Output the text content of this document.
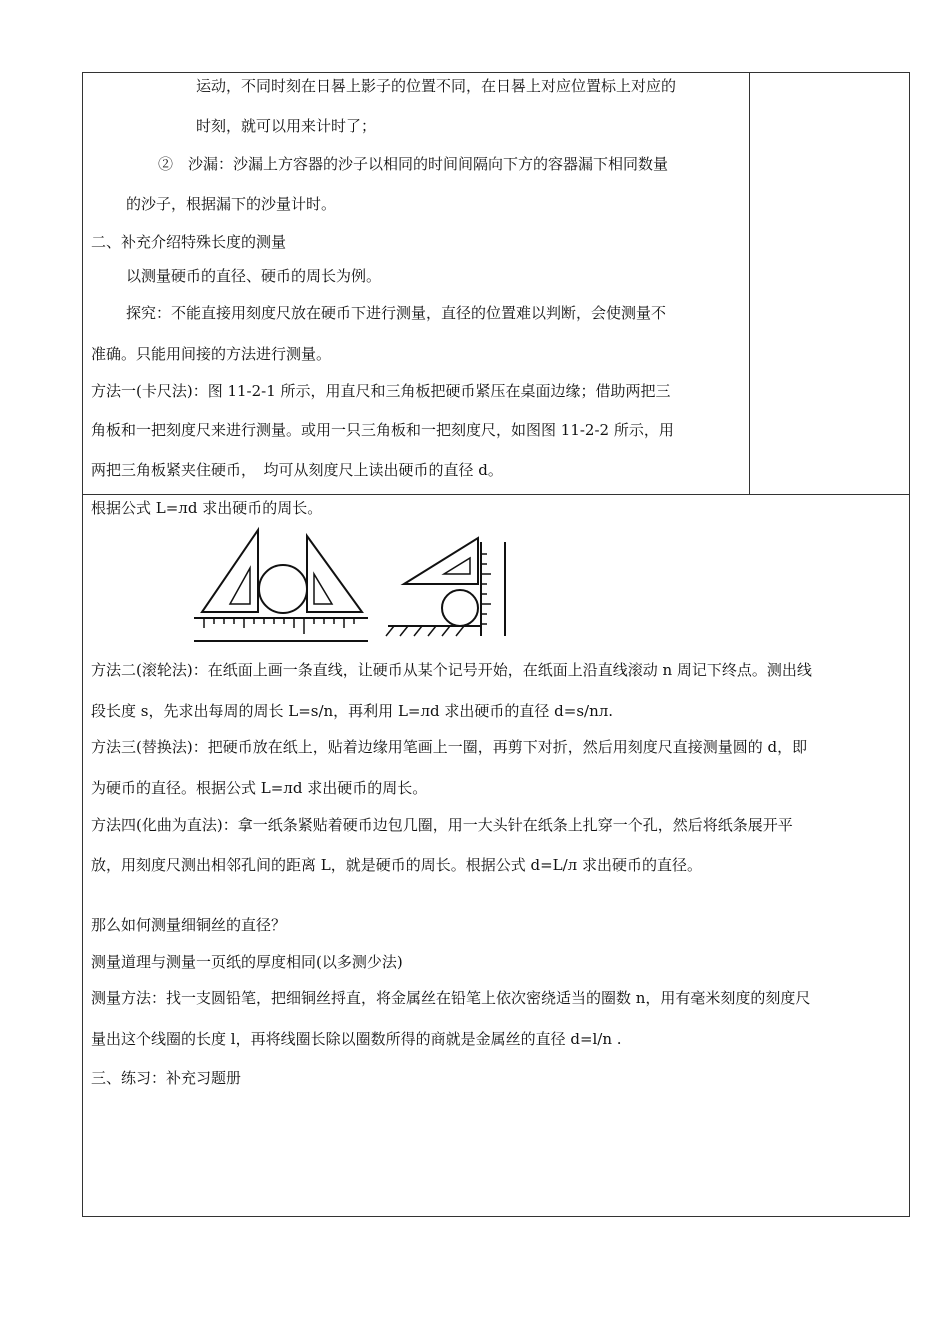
运动，不同时刻在日晷上影子的位置不同，在日晷上对应位置标上对应的
时刻，就可以用来计时了；
②　沙漏：沙漏上方容器的沙子以相同的时间间隔向下方的容器漏下相同数量
的沙子，根据漏下的沙量计时。
二、补充介绍特殊长度的测量
以测量硬币的直径、硬币的周长为例。
探究：不能直接用刻度尺放在硬币下进行测量，直径的位置难以判断，会使测量不
准确。只能用间接的方法进行测量。
方法一(卡尺法)：图 11-2-1 所示，用直尺和三角板把硬币紧压在桌面边缘；借助两把三
角板和一把刻度尺来进行测量。或用一只三角板和一把刻度尺，如图图 11-2-2 所示，用
两把三角板紧夹住硬币，　均可从刻度尺上读出硬币的直径 d。
根据公式 L=лd 求出硬币的周长。
方法二(滚轮法)：在纸面上画一条直线，让硬币从某个记号开始，在纸面上沿直线滚动 n 周记下终点。测出线
段长度 s，先求出每周的周长 L=s/n，再利用 L=лd 求出硬币的直径 d=s/nл.
方法三(替换法)：把硬币放在纸上，贴着边缘用笔画上一圈，再剪下对折，然后用刻度尺直接测量圆的 d，即
为硬币的直径。根据公式 L=лd 求出硬币的周长。
方法四(化曲为直法)：拿一纸条紧贴着硬币边包几圈，用一大头针在纸条上扎穿一个孔，然后将纸条展开平
放，用刻度尺测出相邻孔间的距离 L，就是硬币的周长。根据公式 d=L/л 求出硬币的直径。
那么如何测量细铜丝的直径？
测量道理与测量一页纸的厚度相同(以多测少法)
测量方法：找一支圆铅笔，把细铜丝捋直，将金属丝在铅笔上依次密绕适当的圈数 n，用有毫米刻度的刻度尺
量出这个线圈的长度 l，再将线圈长除以圈数所得的商就是金属丝的直径 d=l/n .
三、练习：补充习题册
